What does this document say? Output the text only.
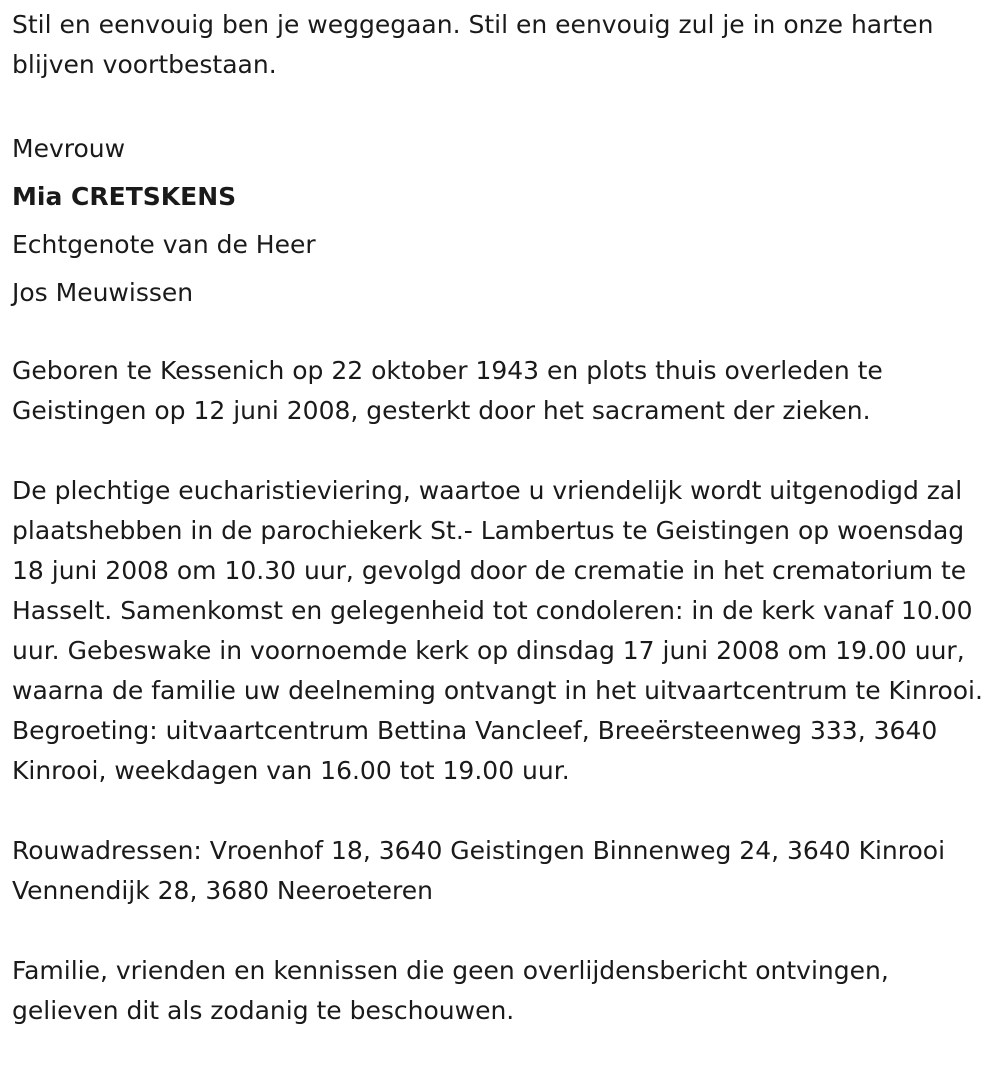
Stil en eenvouig ben je weggegaan. Stil en eenvouig zul je in onze harten blijven voortbestaan.

Mevrouw

Mia CRETSKENS

Echtgenote van de Heer

Jos Meuwissen

Geboren te Kessenich op 22 oktober 1943 en plots thuis overleden te Geistingen op 12 juni 2008, gesterkt door het sacrament der zieken.

De plechtige eucharistieviering, waartoe u vriendelijk wordt uitgenodigd zal plaatshebben in de parochiekerk St.- Lambertus te Geistingen op woensdag 18 juni 2008 om 10.30 uur, gevolgd door de crematie in het crematorium te Hasselt. Samenkomst en gelegenheid tot condoleren: in de kerk vanaf 10.00 uur. Gebeswake in voornoemde kerk op dinsdag 17 juni 2008 om 19.00 uur, waarna de familie uw deelneming ontvangt in het uitvaartcentrum te Kinrooi. Begroeting: uitvaartcentrum Bettina Vancleef, Breeërsteenweg 333, 3640 Kinrooi, weekdagen van 16.00 tot 19.00 uur.

Rouwadressen: Vroenhof 18, 3640 Geistingen Binnenweg 24, 3640 Kinrooi Vennendijk 28, 3680 Neeroeteren

Familie, vrienden en kennissen die geen overlijdensbericht ontvingen, gelieven dit als zodanig te beschouwen.
